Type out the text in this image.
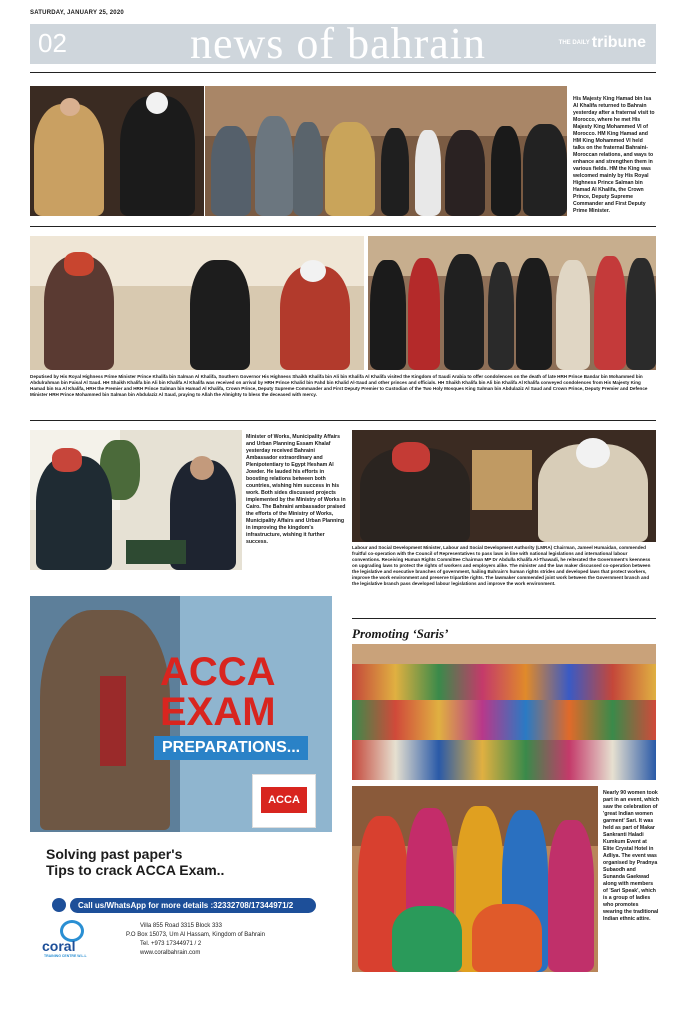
SATURDAY, JANUARY 25, 2020
02	news of bahrain	THE DAILY tribune
His Majesty King Hamad bin Isa Al Khalifa returned to Bahrain yesterday after a fraternal visit to Morocco, where he met His Majesty King Mohammed VI of Morocco. HM King Hamad and HM King Mohammed VI held talks on the fraternal Bahraini-Moroccan relations, and ways to enhance and strengthen them in various fields. HM the King was welcomed mainly by His Royal Highness Prince Salman bin Hamad Al Khalifa, the Crown Prince, Deputy Supreme Commander and First Deputy Prime Minister.
Deputised by His Royal Highness Prime Minister Prince Khalifa bin Salman Al Khalifa, Southern Governor His Highness Shaikh Khalifa bin Ali bin Khalifa Al Khalifa visited the Kingdom of Saudi Arabia to offer condolences on the death of late HRH Prince Bandar bin Mohammed bin Abdulrahman bin Faisal Al Saud. HH Shaikh Khalifa bin Ali bin Khalifa Al Khalifa was received on arrival by HRH Prince Khalid bin Fahd bin Khalid Al-Saud and other princes and officials. HH Shaikh Khalifa bin Ali bin Khalifa Al Khalifa conveyed condolences from His Majesty King Hamad bin Isa Al Khalifa, HRH the Premier and HRH Prince Salman bin Hamad Al Khalifa, Crown Prince, Deputy Supreme Commander and First Deputy Premier to Custodian of the Two Holy Mosques King Salman bin Abdulaziz Al Saud and Crown Prince, Deputy Premier and Defence Minister HRH Prince Mohammed bin Salman bin Abdulaziz Al Saud, praying to Allah the Almighty to bless the deceased with mercy.
Minister of Works, Municipality Affairs and Urban Planning Essam Khalaf yesterday received Bahraini Ambassador extraordinary and Plenipotentiary to Egypt Hesham Al Jowder. He lauded his efforts in boosting relations between both countries, wishing him success in his work. Both sides discussed projects implemented by the Ministry of Works in Cairo. The Bahraini ambassador praised the efforts of the Ministry of Works, Municipality Affairs and Urban Planning in improving the kingdom's infrastructure, wishing it further success.
Labour and Social Development Minister, Labour and Social Development Authority (LMRA) Chairman, Jameel Humaidan, commended fruitful co-operation with the Council of Representatives to pass laws in line with national legislations and international labour conventions. Receiving Human Rights Committee Chairman MP Dr Abdulla Khalifa Al-Thawadi, he reiterated the Government's keenness on upgrading laws to protect the rights of workers and employers alike. The minister and the law maker discussed co-operation between the legislative and executive branches of government, hailing Bahrain's human rights strides and developed laws that protect workers, improve the work environment and preserve tripartite rights. The lawmaker commended joint work between the Government branch and the legislative branch pass developed labour legislations and improve the work environment.
ACCA
EXAM
PREPARATIONS...
ACCA
Solving past paper's
Tips to crack ACCA Exam..
Call us/WhatsApp for more details :32332708/17344971/2
coral
TRAINING CENTRE W.L.L
Villa 855 Road 3315 Block 333
P.O Box 15073, Um Al Hassam, Kingdom of Bahrain
Tel. +973 17344971 / 2
www.coralbahrain.com
Promoting ‘Saris’
Nearly 90 women took part in an event, which saw the celebration of 'great Indian women garment' Sari. It was held as part of Makar Sankranti Haladi Kumkum Event at Elite Crystal Hotel in Adliya. The event was organised by Pradnya Subaodh and Sunanda Gaekwad along with members of 'Sari Speak', which is a group of ladies who promotes wearing the traditional Indian ethnic attire.
